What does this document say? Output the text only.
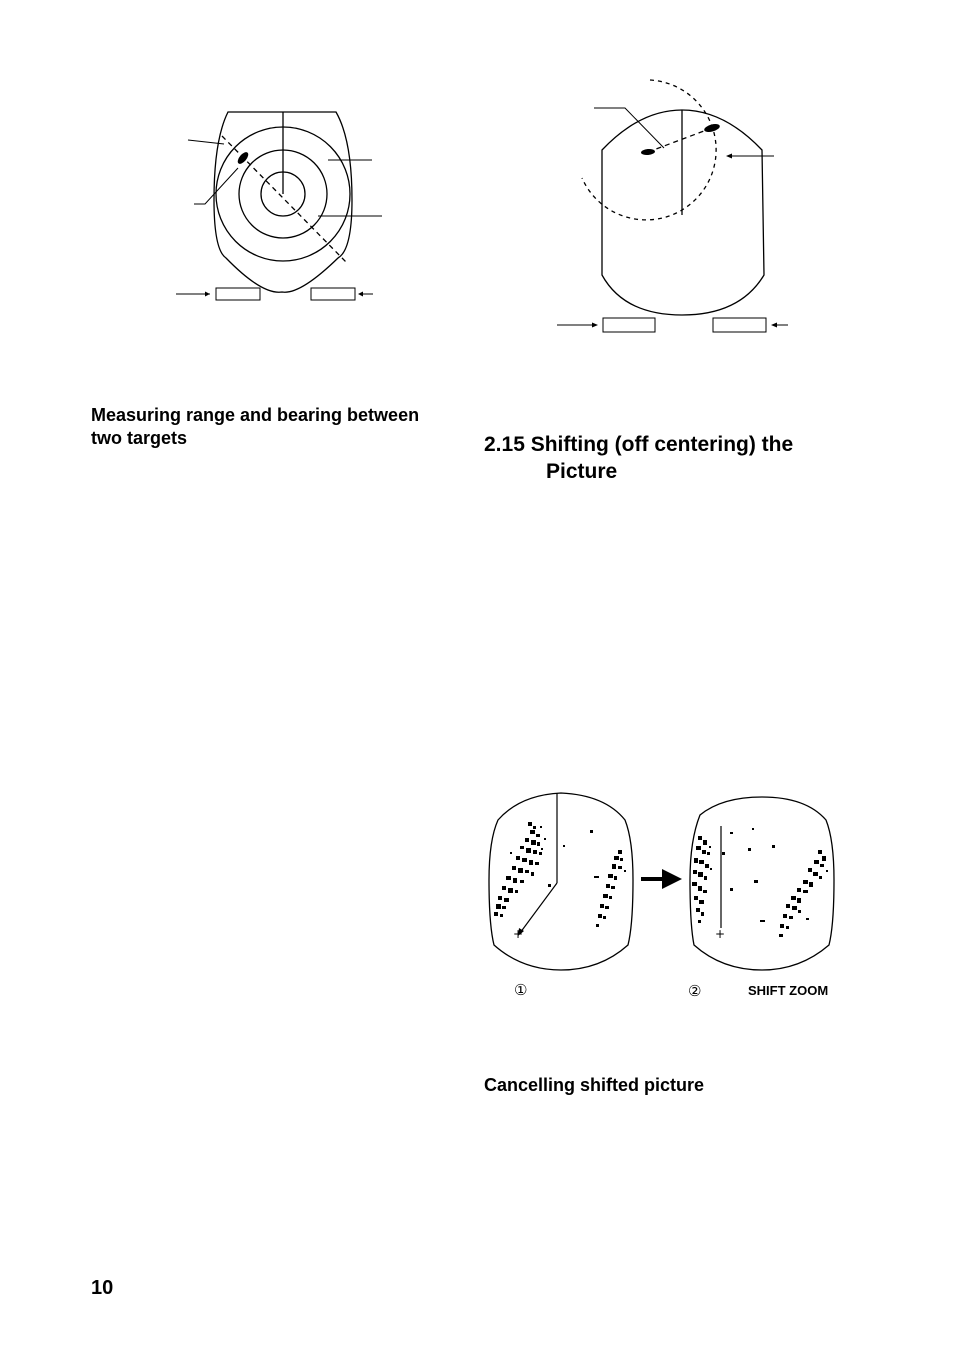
Measuring range and bearing between
two targets	2.15 Shifting (off centering) the
Picture
+	+
①	②	SHIFT ZOOM
Cancelling shifted picture
10
